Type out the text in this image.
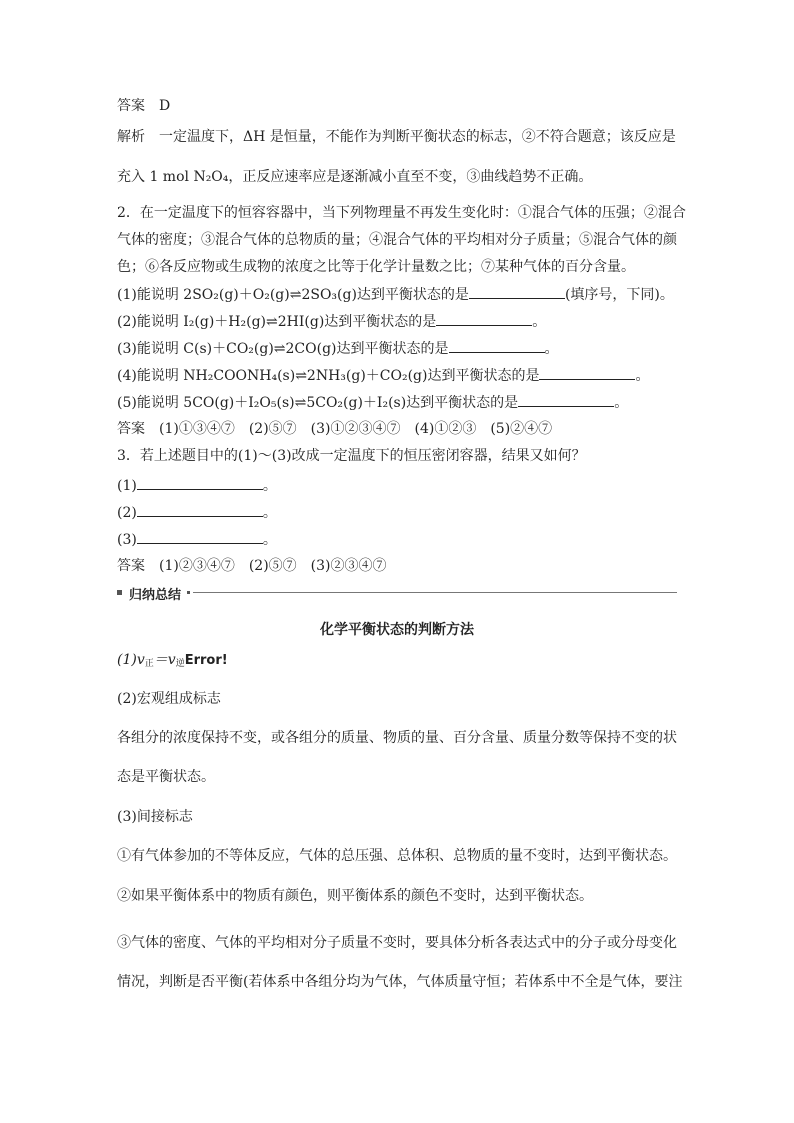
答案　D
解析　一定温度下，ΔH 是恒量，不能作为判断平衡状态的标志，②不符合题意；该反应是
充入 1 mol N₂O₄，正反应速率应是逐渐减小直至不变，③曲线趋势不正确。
2．在一定温度下的恒容容器中，当下列物理量不再发生变化时：①混合气体的压强；②混合
气体的密度；③混合气体的总物质的量；④混合气体的平均相对分子质量；⑤混合气体的颜
色；⑥各反应物或生成物的浓度之比等于化学计量数之比；⑦某种气体的百分含量。
(1)能说明 2SO₂(g)＋O₂(g)⇌2SO₃(g)达到平衡状态的是	(填序号，下同)。
(2)能说明 I₂(g)＋H₂(g)⇌2HI(g)达到平衡状态的是	。
(3)能说明 C(s)＋CO₂(g)⇌2CO(g)达到平衡状态的是	。
(4)能说明 NH₂COONH₄(s)⇌2NH₃(g)＋CO₂(g)达到平衡状态的是	。
(5)能说明 5CO(g)＋I₂O₅(s)⇌5CO₂(g)＋I₂(s)达到平衡状态的是	。
答案　(1)①③④⑦　(2)⑤⑦　(3)①②③④⑦　(4)①②③　(5)②④⑦
3．若上述题目中的(1)～(3)改成一定温度下的恒压密闭容器，结果又如何？
(1)	。
(2)	。
(3)	。
答案　(1)②③④⑦　(2)⑤⑦　(3)②③④⑦
归纳总结
化学平衡状态的判断方法
$(1)v_正=v_逆Error$!
(2)宏观组成标志
各组分的浓度保持不变，或各组分的质量、物质的量、百分含量、质量分数等保持不变的状
态是平衡状态。
(3)间接标志
①有气体参加的不等体反应，气体的总压强、总体积、总物质的量不变时，达到平衡状态。
②如果平衡体系中的物质有颜色，则平衡体系的颜色不变时，达到平衡状态。
③气体的密度、气体的平均相对分子质量不变时，要具体分析各表达式中的分子或分母变化
情况，判断是否平衡(若体系中各组分均为气体，气体质量守恒；若体系中不全是气体，要注
